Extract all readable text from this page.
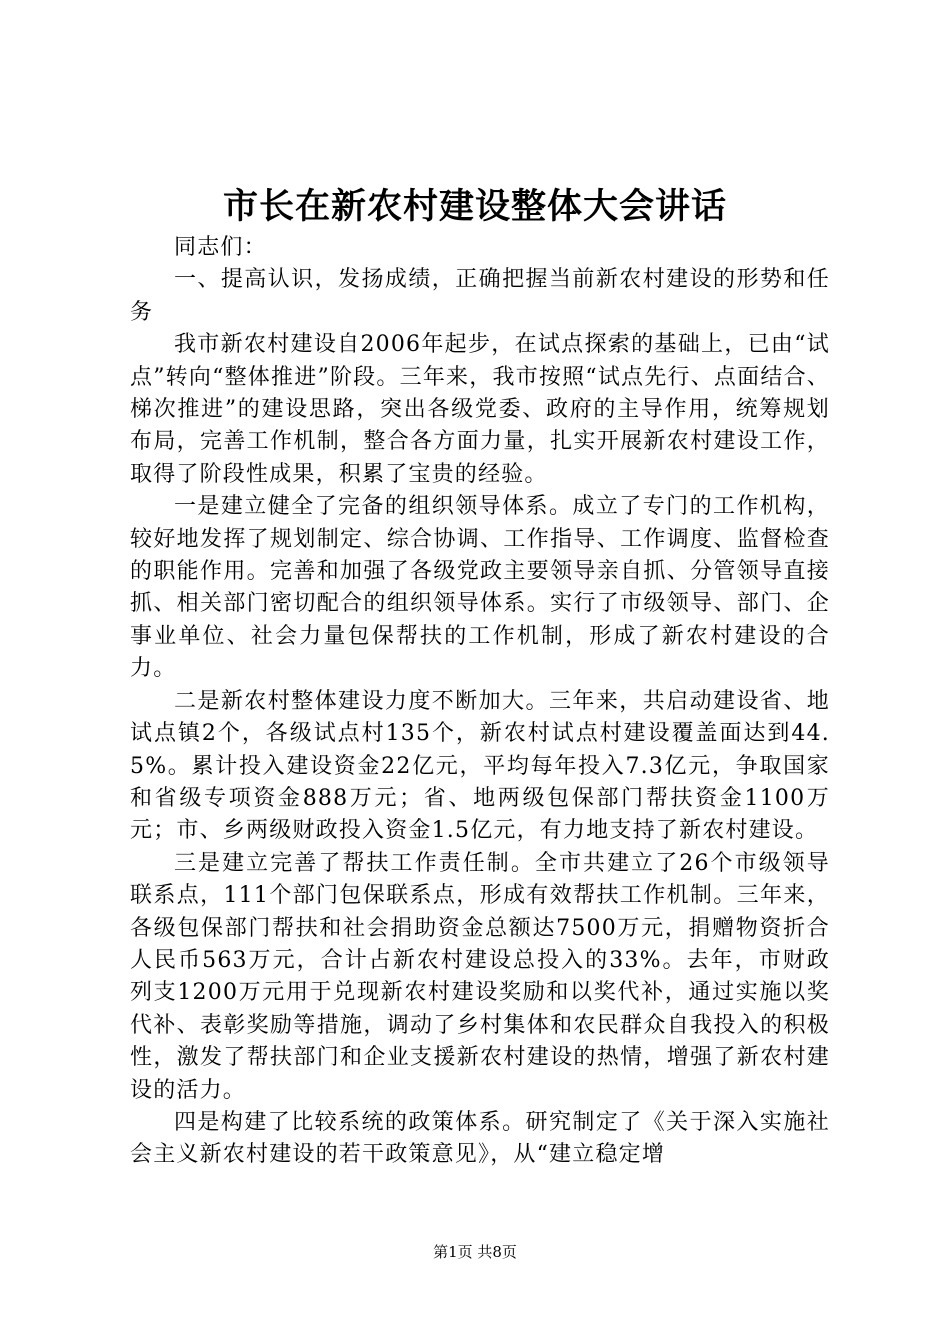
市长在新农村建设整体大会讲话

同志们：

一、提高认识，发扬成绩，正确把握当前新农村建设的形势和任务

我市新农村建设自2006年起步，在试点探索的基础上，已由“试点”转向“整体推进”阶段。三年来，我市按照“试点先行、点面结合、梯次推进”的建设思路，突出各级党委、政府的主导作用，统筹规划布局，完善工作机制，整合各方面力量，扎实开展新农村建设工作，取得了阶段性成果，积累了宝贵的经验。

一是建立健全了完备的组织领导体系。成立了专门的工作机构，较好地发挥了规划制定、综合协调、工作指导、工作调度、监督检查的职能作用。完善和加强了各级党政主要领导亲自抓、分管领导直接抓、相关部门密切配合的组织领导体系。实行了市级领导、部门、企事业单位、社会力量包保帮扶的工作机制，形成了新农村建设的合力。

二是新农村整体建设力度不断加大。三年来，共启动建设省、地试点镇2个，各级试点村135个，新农村试点村建设覆盖面达到44.5%。累计投入建设资金22亿元，平均每年投入7.3亿元，争取国家和省级专项资金888万元；省、地两级包保部门帮扶资金1100万元；市、乡两级财政投入资金1.5亿元，有力地支持了新农村建设。

三是建立完善了帮扶工作责任制。全市共建立了26个市级领导联系点，111个部门包保联系点，形成有效帮扶工作机制。三年来，各级包保部门帮扶和社会捐助资金总额达7500万元，捐赠物资折合人民币563万元，合计占新农村建设总投入的33%。去年，市财政列支1200万元用于兑现新农村建设奖励和以奖代补，通过实施以奖代补、表彰奖励等措施，调动了乡村集体和农民群众自我投入的积极性，激发了帮扶部门和企业支援新农村建设的热情，增强了新农村建设的活力。

四是构建了比较系统的政策体系。研究制定了《关于深入实施社会主义新农村建设的若干政策意见》，从“建立稳定增

第1页 共8页
